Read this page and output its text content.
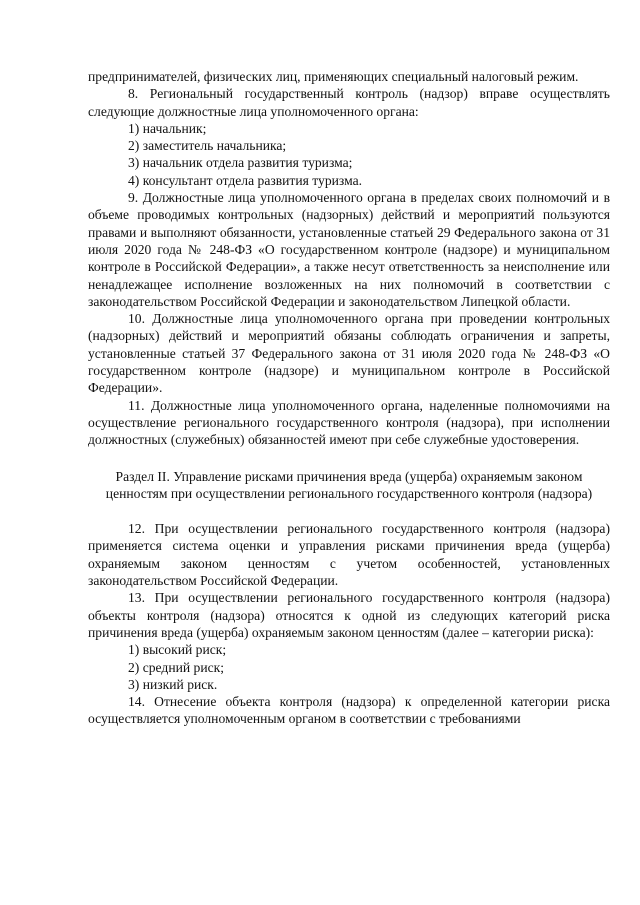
предпринимателей, физических лиц, применяющих специальный налоговый режим.

8. Региональный государственный контроль (надзор) вправе осуществлять следующие должностные лица уполномоченного органа:

1) начальник;

2) заместитель начальника;

3) начальник отдела развития туризма;

4) консультант отдела развития туризма.

9. Должностные лица уполномоченного органа в пределах своих полномочий и в объеме проводимых контрольных (надзорных) действий и мероприятий пользуются правами и выполняют обязанности, установленные статьей 29 Федерального закона от 31 июля 2020 года № 248-ФЗ «О государственном контроле (надзоре) и муниципальном контроле в Российской Федерации», а также несут ответственность за неисполнение или ненадлежащее исполнение возложенных на них полномочий в соответствии с законодательством Российской Федерации и законодательством Липецкой области.

10. Должностные лица уполномоченного органа при проведении контрольных (надзорных) действий и мероприятий обязаны соблюдать ограничения и запреты, установленные статьей 37 Федерального закона от 31 июля 2020 года № 248-ФЗ «О государственном контроле (надзоре) и муниципальном контроле в Российской Федерации».

11. Должностные лица уполномоченного органа, наделенные полномочиями на осуществление регионального государственного контроля (надзора), при исполнении должностных (служебных) обязанностей имеют при себе служебные удостоверения.

Раздел II. Управление рисками причинения вреда (ущерба) охраняемым законом ценностям при осуществлении регионального государственного контроля (надзора)

12. При осуществлении регионального государственного контроля (надзора) применяется система оценки и управления рисками причинения вреда (ущерба) охраняемым законом ценностям с учетом особенностей, установленных законодательством Российской Федерации.

13. При осуществлении регионального государственного контроля (надзора) объекты контроля (надзора) относятся к одной из следующих категорий риска причинения вреда (ущерба) охраняемым законом ценностям (далее – категории риска):

1) высокий риск;

2) средний риск;

3) низкий риск.

14. Отнесение объекта контроля (надзора) к определенной категории риска осуществляется уполномоченным органом в соответствии с требованиями
